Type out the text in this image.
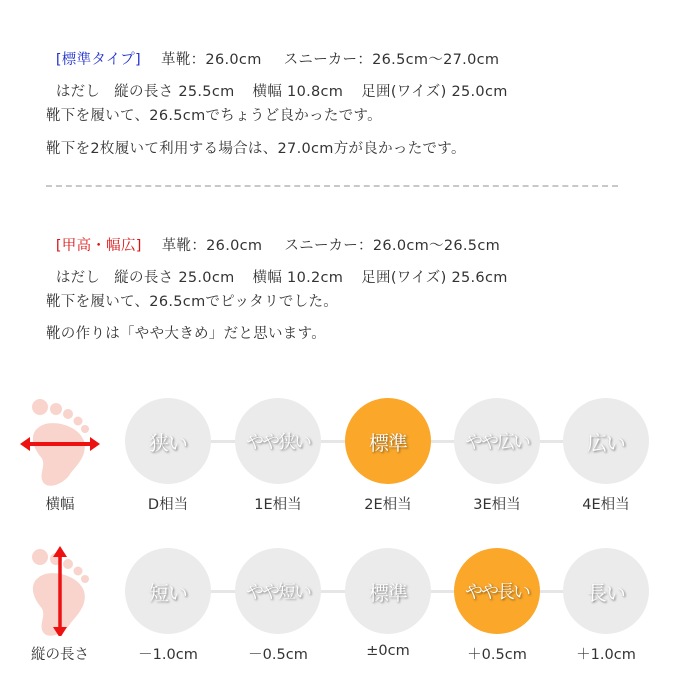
[標準タイプ] 革靴：26.0cm スニーカー：26.5cm～27.0cm

はだし 縦の長さ 25.5cm 横幅 10.8cm 足囲(ワイズ) 25.0cm

靴下を履いて、26.5cmでちょうど良かったです。
靴下を2枚履いて利用する場合は、27.0cm方が良かったです。

[甲高・幅広] 革靴：26.0cm スニーカー：26.0cm～26.5cm

はだし 縦の長さ 25.0cm 横幅 10.2cm 足囲(ワイズ) 25.6cm

靴下を履いて、26.5cmでピッタリでした。
靴の作りは「やや大きめ」だと思います。
横幅
狭い
D相当
やや狭い
1E相当
標準
2E相当
やや広い
3E相当
広い
4E相当
縦の長さ
短い
－1.0cm
やや短い
－0.5cm
標準
±0cm
やや長い
＋0.5cm
長い
＋1.0cm
